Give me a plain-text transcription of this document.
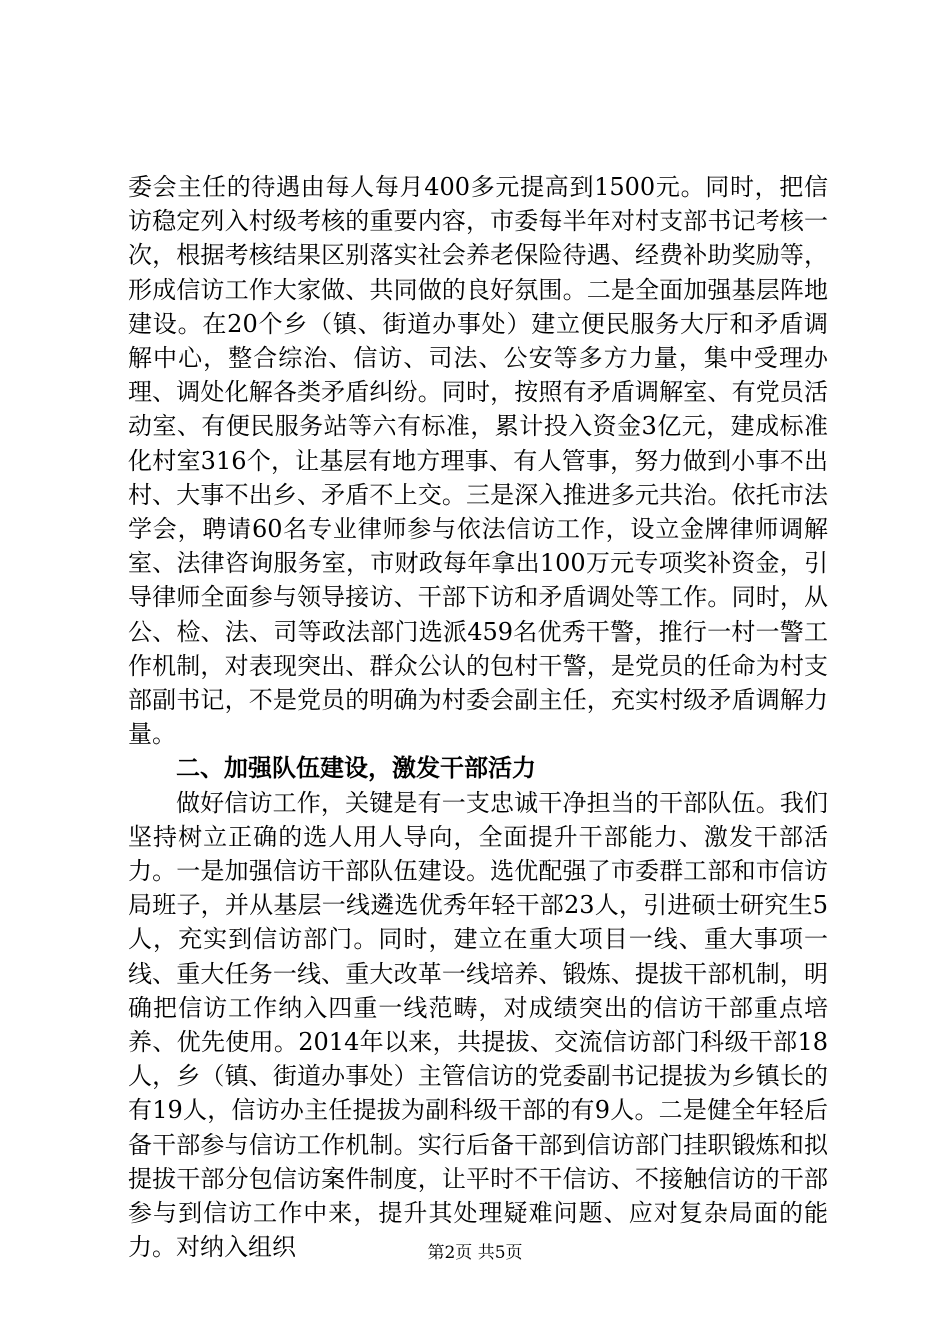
委会主任的待遇由每人每月400多元提高到1500元。同时，把信访稳定列入村级考核的重要内容，市委每半年对村支部书记考核一次，根据考核结果区别落实社会养老保险待遇、经费补助奖励等，形成信访工作大家做、共同做的良好氛围。二是全面加强基层阵地建设。在20个乡（镇、街道办事处）建立便民服务大厅和矛盾调解中心，整合综治、信访、司法、公安等多方力量，集中受理办理、调处化解各类矛盾纠纷。同时，按照有矛盾调解室、有党员活动室、有便民服务站等六有标准，累计投入资金3亿元，建成标准化村室316个，让基层有地方理事、有人管事，努力做到小事不出村、大事不出乡、矛盾不上交。三是深入推进多元共治。依托市法学会，聘请60名专业律师参与依法信访工作，设立金牌律师调解室、法律咨询服务室，市财政每年拿出100万元专项奖补资金，引导律师全面参与领导接访、干部下访和矛盾调处等工作。同时，从公、检、法、司等政法部门选派459名优秀干警，推行一村一警工作机制，对表现突出、群众公认的包村干警，是党员的任命为村支部副书记，不是党员的明确为村委会副主任，充实村级矛盾调解力量。

二、加强队伍建设，激发干部活力

做好信访工作，关键是有一支忠诚干净担当的干部队伍。我们坚持树立正确的选人用人导向，全面提升干部能力、激发干部活力。一是加强信访干部队伍建设。选优配强了市委群工部和市信访局班子，并从基层一线遴选优秀年轻干部23人，引进硕士研究生5人，充实到信访部门。同时，建立在重大项目一线、重大事项一线、重大任务一线、重大改革一线培养、锻炼、提拔干部机制，明确把信访工作纳入四重一线范畴，对成绩突出的信访干部重点培养、优先使用。2014年以来，共提拔、交流信访部门科级干部18人，乡（镇、街道办事处）主管信访的党委副书记提拔为乡镇长的有19人，信访办主任提拔为副科级干部的有9人。二是健全年轻后备干部参与信访工作机制。实行后备干部到信访部门挂职锻炼和拟提拔干部分包信访案件制度，让平时不干信访、不接触信访的干部参与到信访工作中来，提升其处理疑难问题、应对复杂局面的能力。对纳入组织	第2页 共5页
